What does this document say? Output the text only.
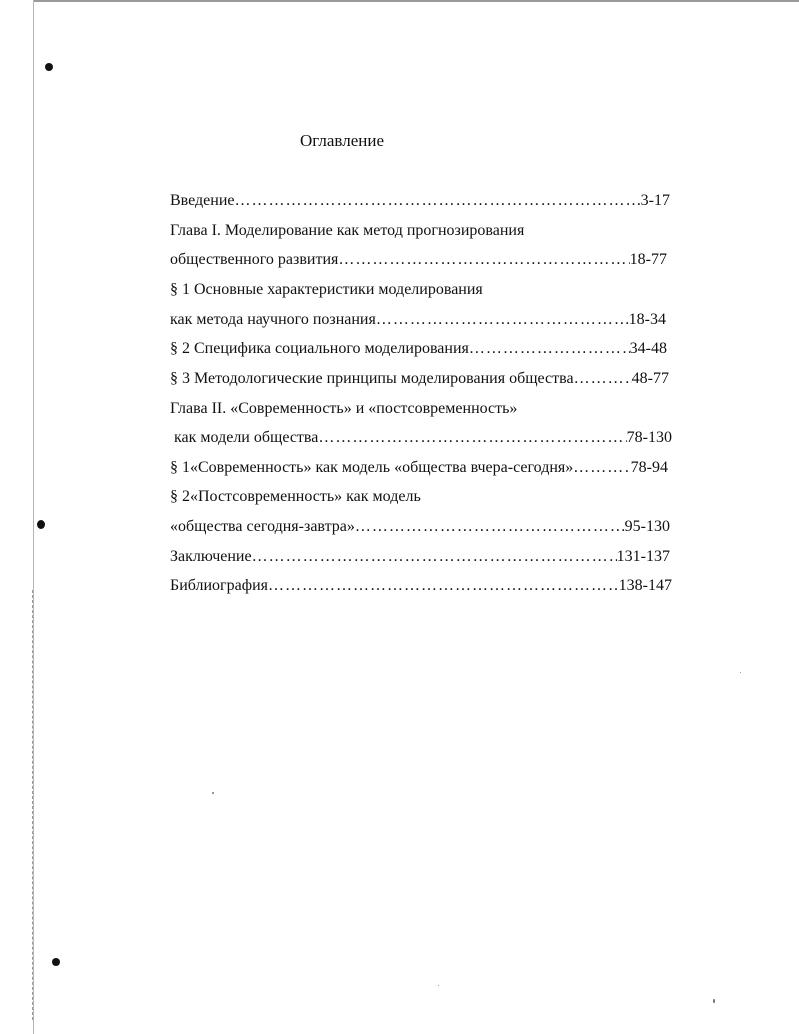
Оглавление
Введение ……………………………………………………………………………………………………………………	3-17
Глава I. Моделирование как метод прогнозирования
общественного развития ……………………………………………………………………………………………………………………	18-77
§ 1 Основные характеристики моделирования
как метода научного познания ……………………………………………………………………………………………………………………	18-34
§ 2 Специфика социального моделирования ……………………………………………………………………………………………………………………	34-48
§ 3 Методологические принципы моделирования общества ……………………………………………………………………………………………………………………	48-77
Глава II. «Современность» и «постсовременность»
как модели общества ……………………………………………………………………………………………………………………	78-130
§ 1«Современность» как модель «общества вчера-сегодня» ……………………………………………………………………………………………………………………	78-94
§ 2«Постсовременность» как модель
«общества сегодня-завтра» ……………………………………………………………………………………………………………………	95-130
Заключение ……………………………………………………………………………………………………………………	131-137
Библиография ……………………………………………………………………………………………………………………	138-147
